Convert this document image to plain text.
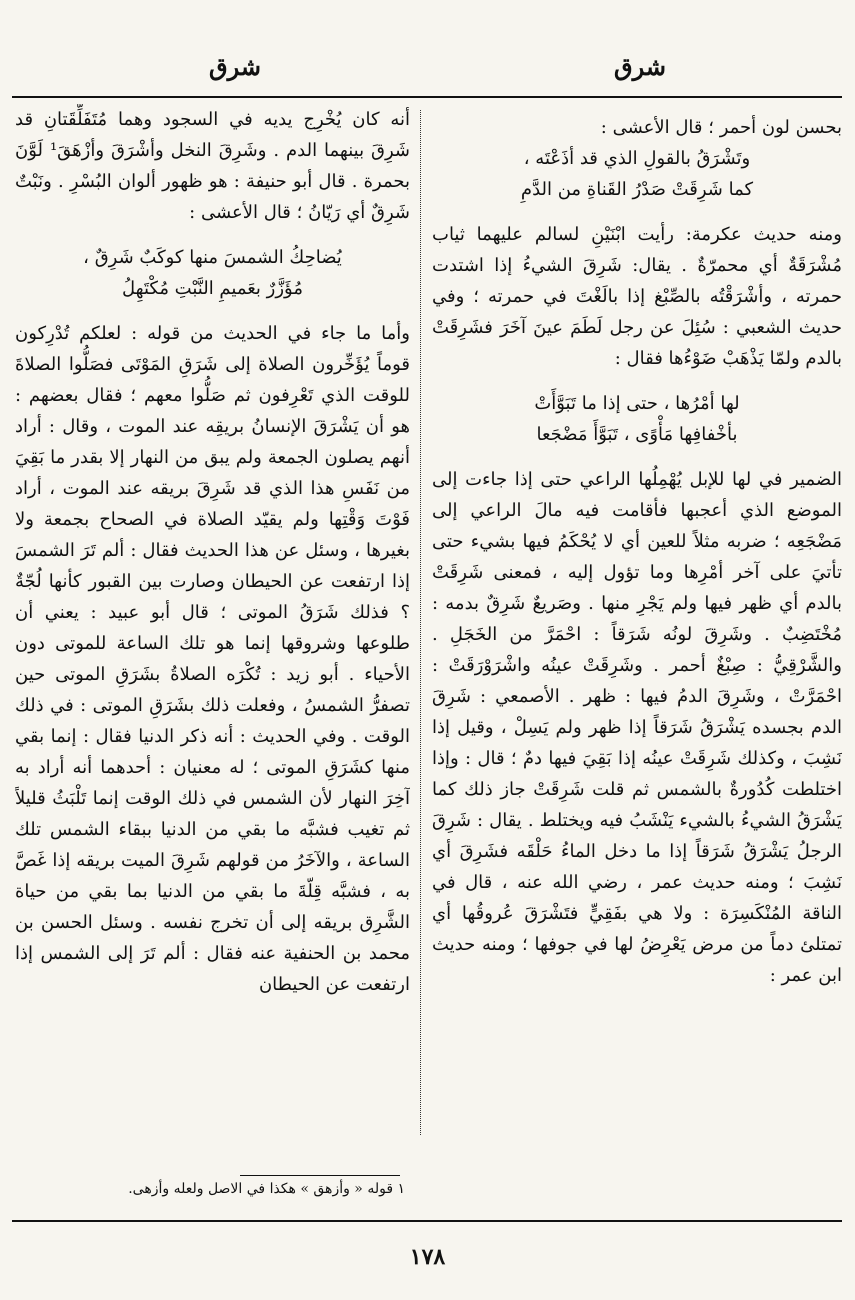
شرق
شرق

بحسن لون أحمر ؛ قال الأعشى :

وتَشْرَقُ بالقولِ الذي قد أذَعْتَه ،

كما شَرِقَتْ صَدْرُ القَناةِ من الدَّمِ

ومنه حديث عكرمة: رأيت ابْنَيْنِ لسالم عليهما ثياب مُشْرَقَةٌ أي محمرّةٌ . يقال: شَرِقَ الشيءُ إذا اشتدت حمرته ، وأشْرَقْتُه بالصِّبْغ إذا بالَغْتَ في حمرته ؛ وفي حديث الشعبي : سُئِلَ عن رجل لَطَمَ عينَ آخَرَ فشَرِقَتْ بالدم ولمّا يَذْهَبْ ضَوْءُها فقال :

لها أمْرُها ، حتى إذا ما تَبَوَّأَتْ

بأخْفافِها مَأْوًى ، تَبَوَّأَ مَضْجَعا

الضمير في لها للإبل يُهْمِلُها الراعي حتى إذا جاءت إلى الموضع الذي أعجبها فأقامت فيه مالَ الراعي إلى مَضْجَعِه ؛ ضربه مثلاً للعين أي لا يُحْكَمُ فيها بشيء حتى تأتيَ على آخر أمْرِها وما تؤول إليه ، فمعنى شَرِقَتْ بالدم أي ظهر فيها ولم يَجْرِ منها . وصَريعٌ شَرِقٌ بدمه : مُخْتَضِبٌ . وشَرِقَ لونُه شَرَقاً : احْمَرَّ من الخَجَلِ . والشَّرْقِيُّ : صِبْغٌ أحمر . وشَرِقَتْ عينُه واشْرَوْرَقَتْ : احْمَرَّتْ ، وشَرِقَ الدمُ فيها : ظهر . الأصمعي : شَرِقَ الدم بجسده يَشْرَقُ شَرَقاً إذا ظهر ولم يَسِلْ ، وقيل إذا نَشِبَ ، وكذلك شَرِقَتْ عينُه إذا بَقِيَ فيها دمٌ ؛ قال : وإذا اختلطت كُدُورةٌ بالشمس ثم قلت شَرِقَتْ جاز ذلك كما يَشْرَقُ الشيءُ بالشيء يَنْشَبُ فيه ويختلط . يقال : شَرِقَ الرجلُ يَشْرَقُ شَرَقاً إذا ما دخل الماءُ حَلْقَه فشَرِقَ أي نَشِبَ ؛ ومنه حديث عمر ، رضي الله عنه ، قال في الناقة المُنْكَسِرَة : ولا هي بفَقِيٍّ فتَشْرَقَ عُروقُها أي تمتلئ دماً من مرض يَعْرِضُ لها في جوفها ؛ ومنه حديث ابن عمر :

أنه كان يُخْرِج يديه في السجود وهما مُتَفَلِّقَتانِ قد شَرِقَ بينهما الدم . وشَرِقَ النخل وأشْرَقَ وأزْهَقَ¹ لَوَّنَ بحمرة . قال أبو حنيفة : هو ظهور ألوان البُسْرِ . ونَبْتٌ شَرِقٌ أي رَيّانُ ؛ قال الأعشى :

يُضاحِكُ الشمسَ منها كوكَبٌ شَرِقٌ ،

مُؤَزَّرٌ بعَميمِ النَّبْتِ مُكْتَهِلُ

وأما ما جاء في الحديث من قوله : لعلكم تُدْرِكون قوماً يُؤَخِّرون الصلاة إلى شَرَقِ المَوْتَى فصَلُّوا الصلاةَ للوقت الذي تَعْرِفون ثم صَلُّوا معهم ؛ فقال بعضهم : هو أن يَشْرَقَ الإنسانُ بريقِه عند الموت ، وقال : أراد أنهم يصلون الجمعة ولم يبق من النهار إلا بقدر ما بَقِيَ من نَفَسِ هذا الذي قد شَرِقَ بريقه عند الموت ، أراد فَوْتَ وَقْتِها ولم يقيّد الصلاة في الصحاح بجمعة ولا بغيرها ، وسئل عن هذا الحديث فقال : ألم تَرَ الشمسَ إذا ارتفعت عن الحيطان وصارت بين القبور كأنها لُجّةٌ ؟ فذلك شَرَقُ الموتى ؛ قال أبو عبيد : يعني أن طلوعها وشروقها إنما هو تلك الساعة للموتى دون الأحياء . أبو زيد : تُكْرَه الصلاةُ بشَرَقِ الموتى حين تصفرُّ الشمسُ ، وفعلت ذلك بشَرَقِ الموتى : في ذلك الوقت . وفي الحديث : أنه ذكر الدنيا فقال : إنما بقي منها كشَرَقِ الموتى ؛ له معنيان : أحدهما أنه أراد به آخِرَ النهار لأن الشمس في ذلك الوقت إنما تَلْبَثُ قليلاً ثم تغيب فشبَّه ما بقي من الدنيا ببقاء الشمس تلك الساعة ، والآخَرُ من قولهم شَرِقَ الميت بريقه إذا غَصَّ به ، فشبَّه قِلّةَ ما بقي من الدنيا بما بقي من حياة الشَّرِق بريقه إلى أن تخرج نفسه . وسئل الحسن بن محمد بن الحنفية عنه فقال : ألم تَرَ إلى الشمس إذا ارتفعت عن الحيطان

١ قوله « وأزهق » هكذا في الاصل ولعله وأزهى.
١٧٨
